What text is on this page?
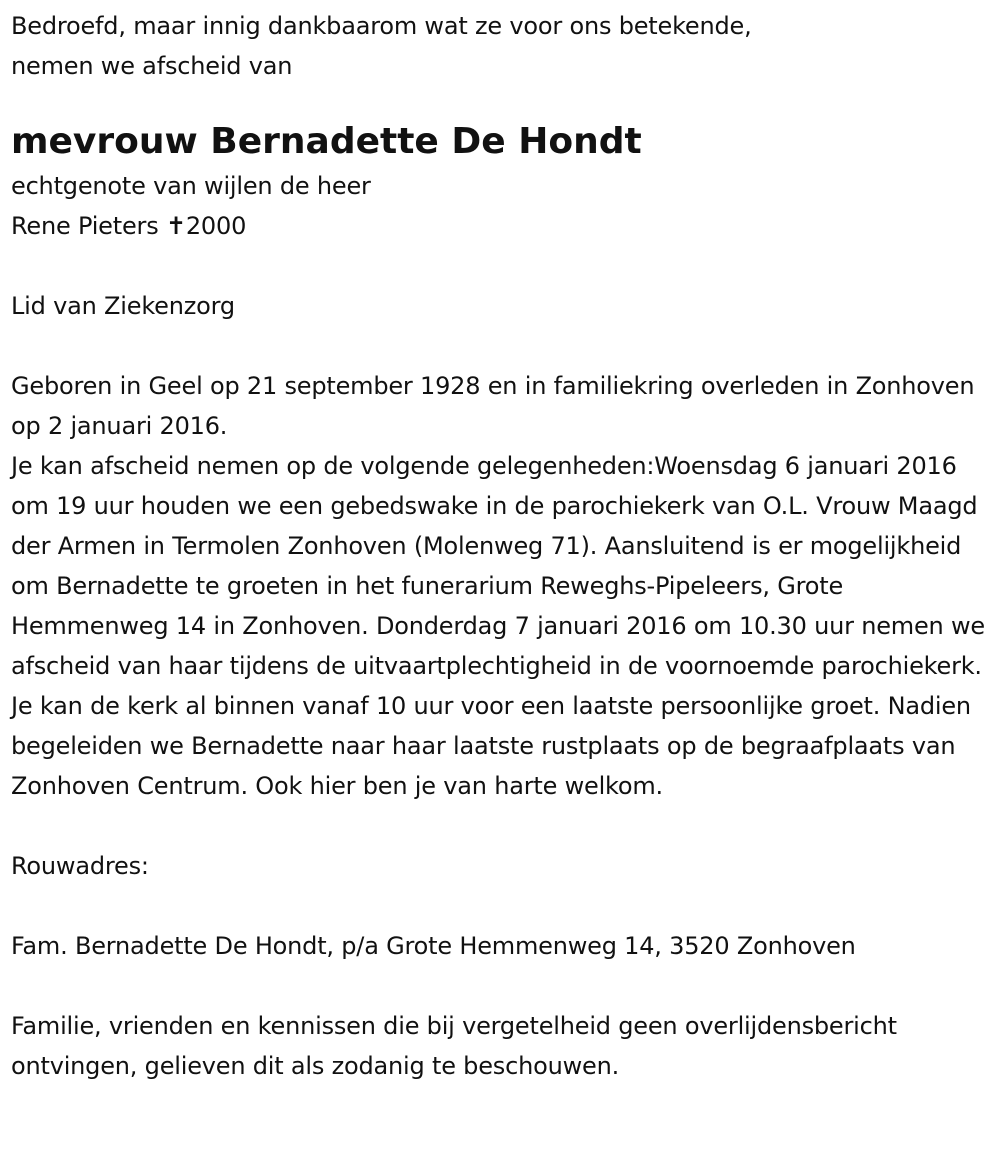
Bedroefd, maar innig dankbaarom wat ze voor ons betekende,

nemen we afscheid van

mevrouw Bernadette De Hondt

echtgenote van wijlen de heer

Rene Pieters ✝2000

Lid van Ziekenzorg

Geboren in Geel op 21 september 1928 en in familiekring overleden in Zonhoven op 2 januari 2016.

Je kan afscheid nemen op de volgende gelegenheden:Woensdag 6 januari 2016 om 19 uur houden we een gebedswake in de parochiekerk van O.L. Vrouw Maagd der Armen in Termolen Zonhoven (Molenweg 71). Aansluitend is er mogelijkheid om Bernadette te groeten in het funerarium Reweghs-Pipeleers, Grote Hemmenweg 14 in Zonhoven. Donderdag 7 januari 2016 om 10.30 uur nemen we afscheid van haar tijdens de uitvaartplechtigheid in de voornoemde parochiekerk. Je kan de kerk al binnen vanaf 10 uur voor een laatste persoonlijke groet. Nadien begeleiden we Bernadette naar haar laatste rustplaats op de begraafplaats van Zonhoven Centrum. Ook hier ben je van harte welkom.

Rouwadres:

Fam. Bernadette De Hondt, p/a Grote Hemmenweg 14, 3520 Zonhoven

Familie, vrienden en kennissen die bij vergetelheid geen overlijdensbericht ontvingen, gelieven dit als zodanig te beschouwen.
